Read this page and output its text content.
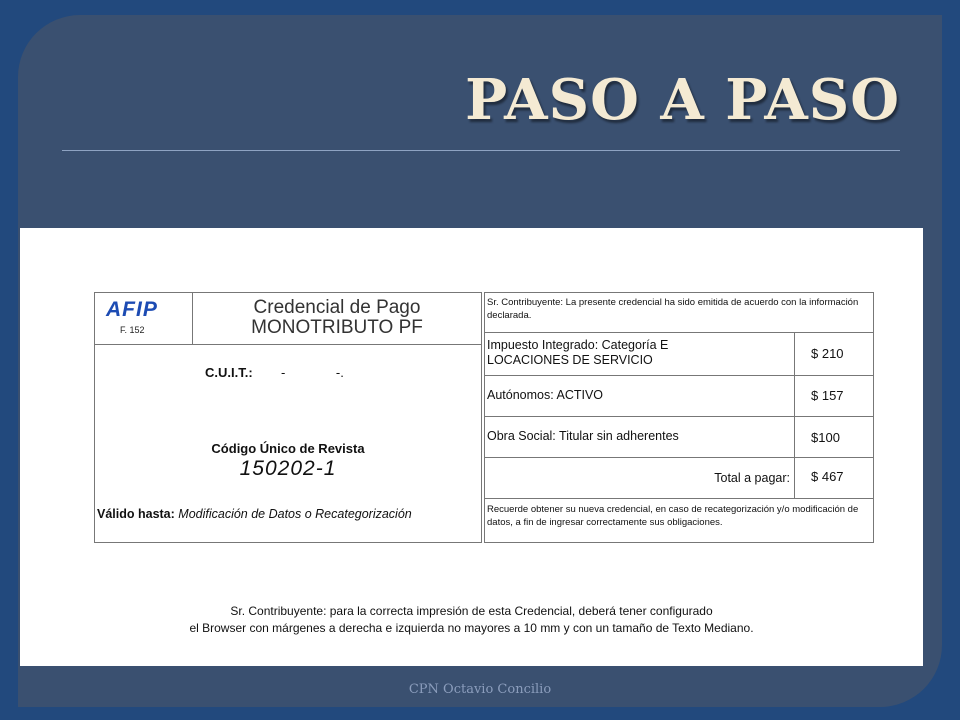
PASO A PASO
AFIP
F. 152
Credencial de Pago
MONOTRIBUTO PF
C.U.I.T.: -              -.
Código Único de Revista
150202-1
Válido hasta: Modificación de Datos o Recategorización
Sr. Contribuyente: La presente credencial ha sido emitida de acuerdo con la información declarada.
Impuesto Integrado: Categoría E
LOCACIONES DE SERVICIO	$ 210
Autónomos: ACTIVO	$ 157
Obra Social: Titular sin adherentes	$100
Total a pagar:	$ 467
Recuerde obtener su nueva credencial, en caso de recategorización y/o modificación de datos, a fin de ingresar correctamente sus obligaciones.
Sr. Contribuyente: para la correcta impresión de esta Credencial, deberá tener configurado
el Browser con márgenes a derecha e izquierda no mayores a 10 mm y con un tamaño de Texto Mediano.
CPN Octavio Concilio
